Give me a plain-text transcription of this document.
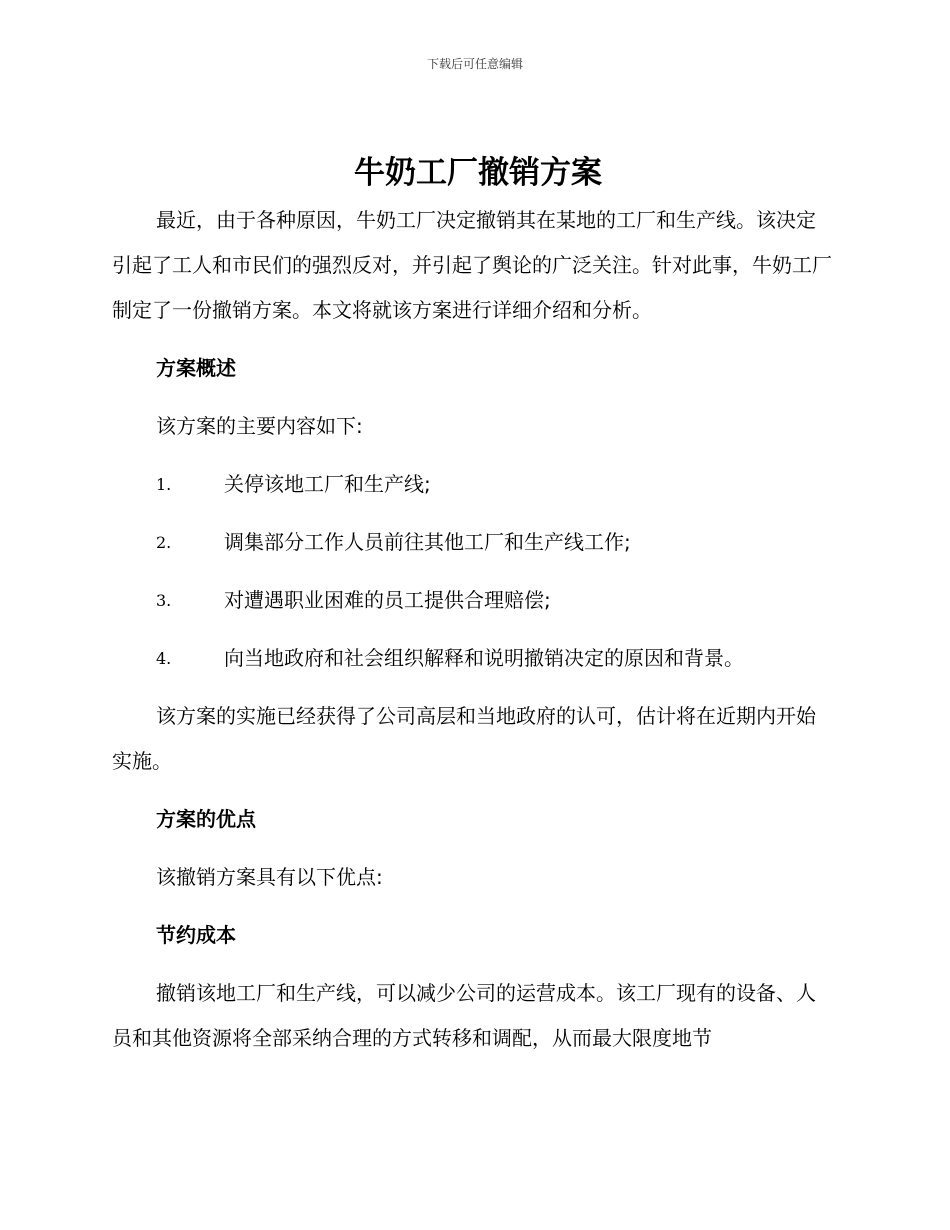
下载后可任意编辑
牛奶工厂撤销方案

最近，由于各种原因，牛奶工厂决定撤销其在某地的工厂和生产线。该决定引起了工人和市民们的强烈反对，并引起了舆论的广泛关注。针对此事，牛奶工厂制定了一份撤销方案。本文将就该方案进行详细介绍和分析。

方案概述

该方案的主要内容如下:

1.	关停该地工厂和生产线;
2.	调集部分工作人员前往其他工厂和生产线工作;
3.	对遭遇职业困难的员工提供合理赔偿;
4.	向当地政府和社会组织解释和说明撤销决定的原因和背景。

该方案的实施已经获得了公司高层和当地政府的认可，估计将在近期内开始实施。

方案的优点

该撤销方案具有以下优点:

节约成本

撤销该地工厂和生产线，可以减少公司的运营成本。该工厂现有的设备、人员和其他资源将全部采纳合理的方式转移和调配，从而最大限度地节
